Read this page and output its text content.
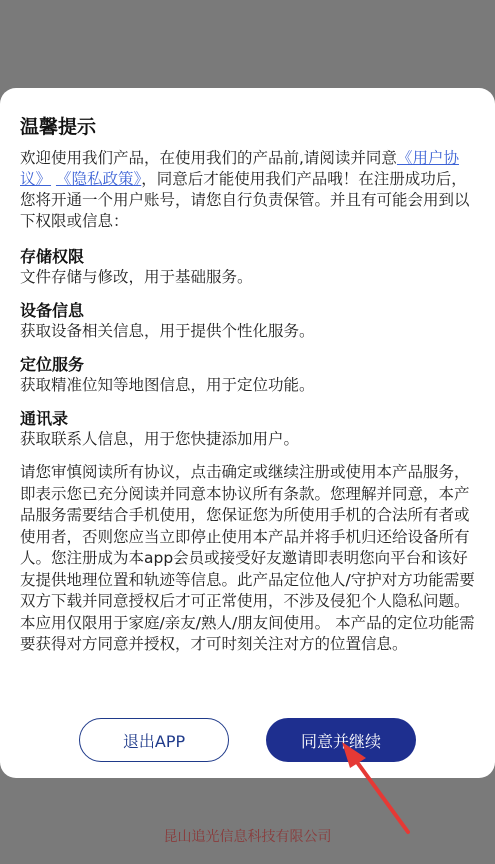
温馨提示

欢迎使用我们产品，在使用我们的产品前,请阅读并同意《用户协议》 《隐私政策》，同意后才能使用我们产品哦！在注册成功后，您将开通一个用户账号，请您自行负责保管。并且有可能会用到以下权限或信息：

存储权限

文件存储与修改，用于基础服务。

设备信息

获取设备相关信息，用于提供个性化服务。

定位服务

获取精准位知等地图信息，用于定位功能。

通讯录

获取联系人信息，用于您快捷添加用户。

请您审慎阅读所有协议，点击确定或继续注册或使用本产品服务，即表示您已充分阅读并同意本协议所有条款。您理解并同意，本产品服务需要结合手机使用，您保证您为所使用手机的合法所有者或使用者，否则您应当立即停止使用本产品并将手机归还给设备所有人。您注册成为本app会员或接受好友邀请即表明您向平台和该好友提供地理位置和轨迹等信息。此产品定位他人/守护对方功能需要双方下载并同意授权后才可正常使用，不涉及侵犯个人隐私问题。本应用仅限用于家庭/亲友/熟人/朋友间使用。 本产品的定位功能需要获得对方同意并授权，才可时刻关注对方的位置信息。

退出APP	同意并继续
昆山追光信息科技有限公司
